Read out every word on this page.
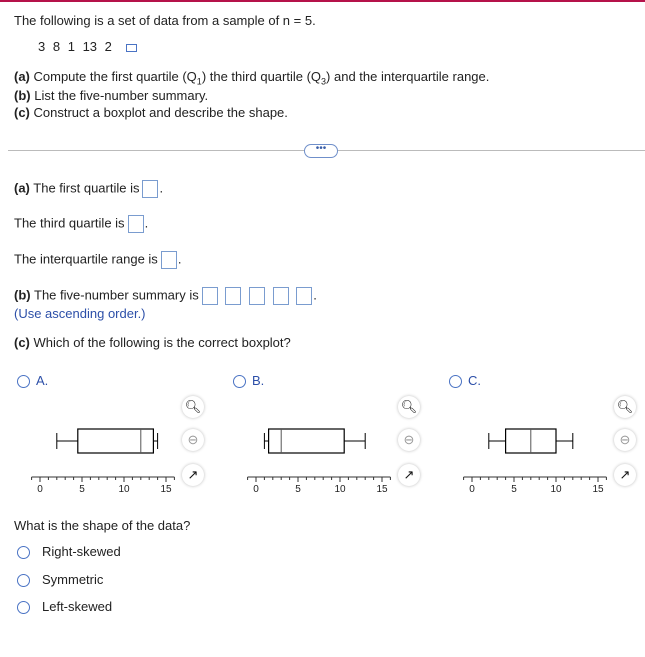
The following is a set of data from a sample of n = 5.
3 8 1 13 2
(a) Compute the first quartile $(Q_1)$ the third quartile $(Q_3)$ and the interquartile range.
(b) List the five-number summary.
(c) Construct a boxplot and describe the shape.
•••
(a) The first quartile is .
The third quartile is .
The interquartile range is .
(b) The five-number summary is	.
(Use ascending order.)
(c) Which of the following is the correct boxplot?
A.
🔍︎
⊖
↗
0	5	10	15
B.
🔍︎
⊖
↗
0	5	10	15
C.
🔍︎
⊖
↗
0	5	10	15
What is the shape of the data?
Right-skewed
Symmetric
Left-skewed
